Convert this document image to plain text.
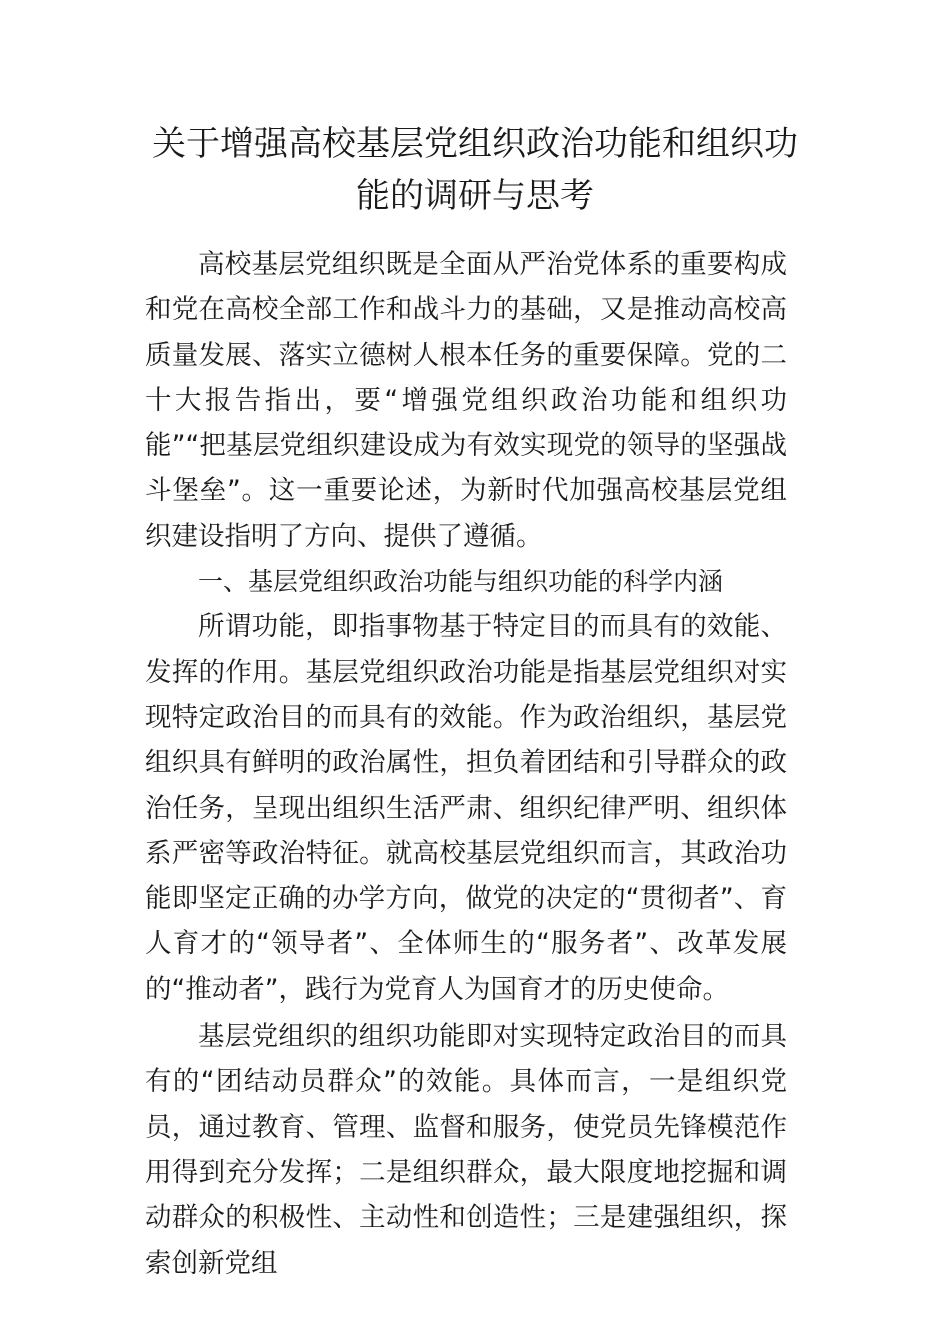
关于增强高校基层党组织政治功能和组织功能的调研与思考

高校基层党组织既是全面从严治党体系的重要构成和党在高校全部工作和战斗力的基础，又是推动高校高质量发展、落实立德树人根本任务的重要保障。党的二十大报告指出，要“增强党组织政治功能和组织功能”“把基层党组织建设成为有效实现党的领导的坚强战斗堡垒”。这一重要论述，为新时代加强高校基层党组织建设指明了方向、提供了遵循。

一、基层党组织政治功能与组织功能的科学内涵

所谓功能，即指事物基于特定目的而具有的效能、发挥的作用。基层党组织政治功能是指基层党组织对实现特定政治目的而具有的效能。作为政治组织，基层党组织具有鲜明的政治属性，担负着团结和引导群众的政治任务，呈现出组织生活严肃、组织纪律严明、组织体系严密等政治特征。就高校基层党组织而言，其政治功能即坚定正确的办学方向，做党的决定的“贯彻者”、育人育才的“领导者”、全体师生的“服务者”、改革发展的“推动者”，践行为党育人为国育才的历史使命。

基层党组织的组织功能即对实现特定政治目的而具有的“团结动员群众”的效能。具体而言，一是组织党员，通过教育、管理、监督和服务，使党员先锋模范作用得到充分发挥；二是组织群众，最大限度地挖掘和调动群众的积极性、主动性和创造性；三是建强组织，探索创新党组
